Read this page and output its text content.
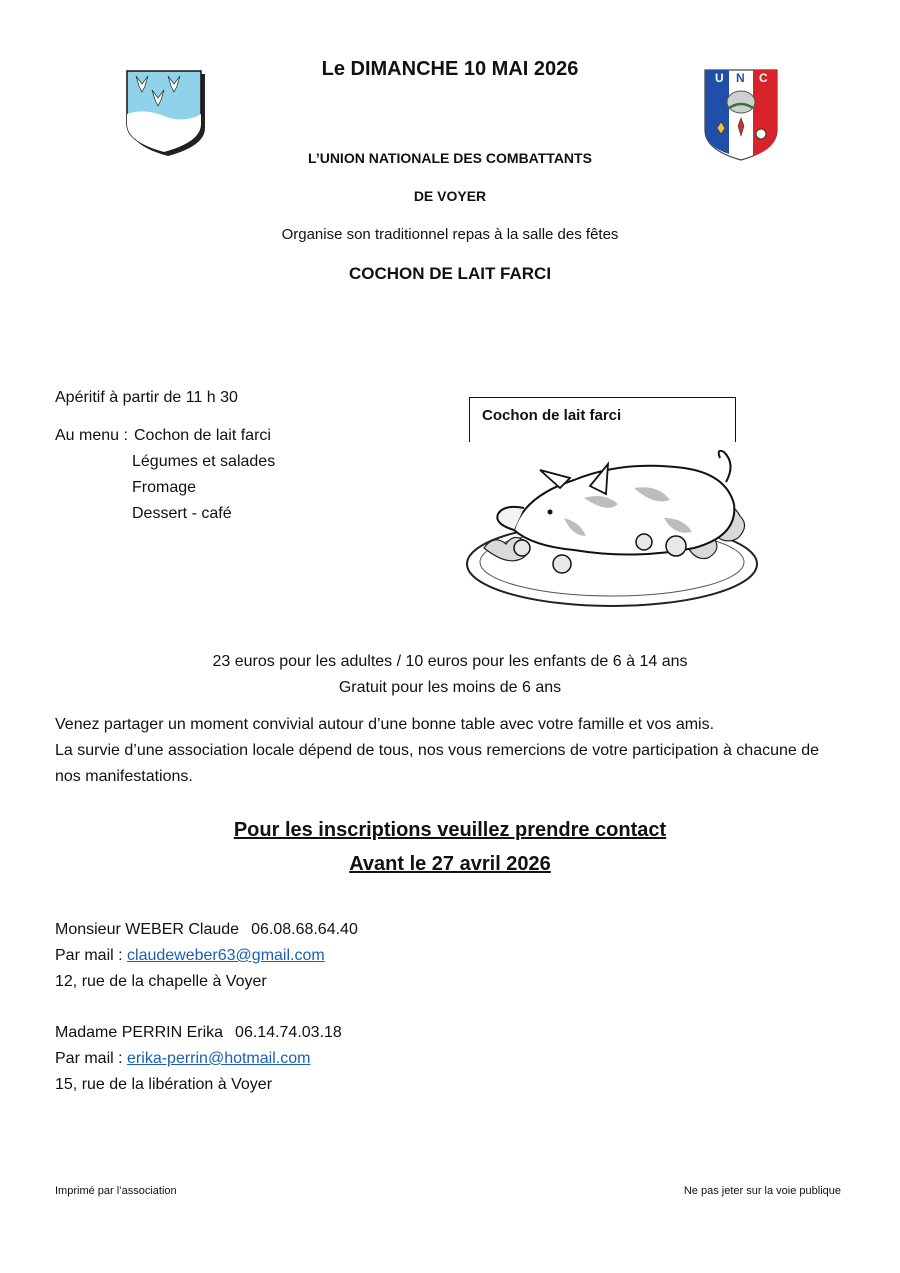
U N C
Le DIMANCHE 10 MAI 2026
L’UNION NATIONALE DES COMBATTANTS
DE VOYER
Organise son traditionnel repas à la salle des fêtes
COCHON DE LAIT FARCI
Apéritif à partir de 11 h 30
Au menu : Cochon de lait farci
Légumes et salades
Fromage
Dessert - café
Cochon de lait farci
23 euros pour les adultes / 10 euros pour les enfants de 6 à 14 ans
Gratuit pour les moins de 6 ans
Venez partager un moment convivial autour d’une bonne table avec votre famille et vos amis.
La survie d’une association locale dépend de tous, nos vous remercions de votre participation à chacune de
nos manifestations.
Pour les inscriptions veuillez prendre contact
Avant le 27 avril 2026
Monsieur WEBER Claude 06.08.68.64.40
Par mail : claudeweber63@gmail.com
12, rue de la chapelle à Voyer
Madame PERRIN Erika 06.14.74.03.18
Par mail : erika-perrin@hotmail.com
15, rue de la libération à Voyer
Imprimé par l’association	Ne pas jeter sur la voie publique
